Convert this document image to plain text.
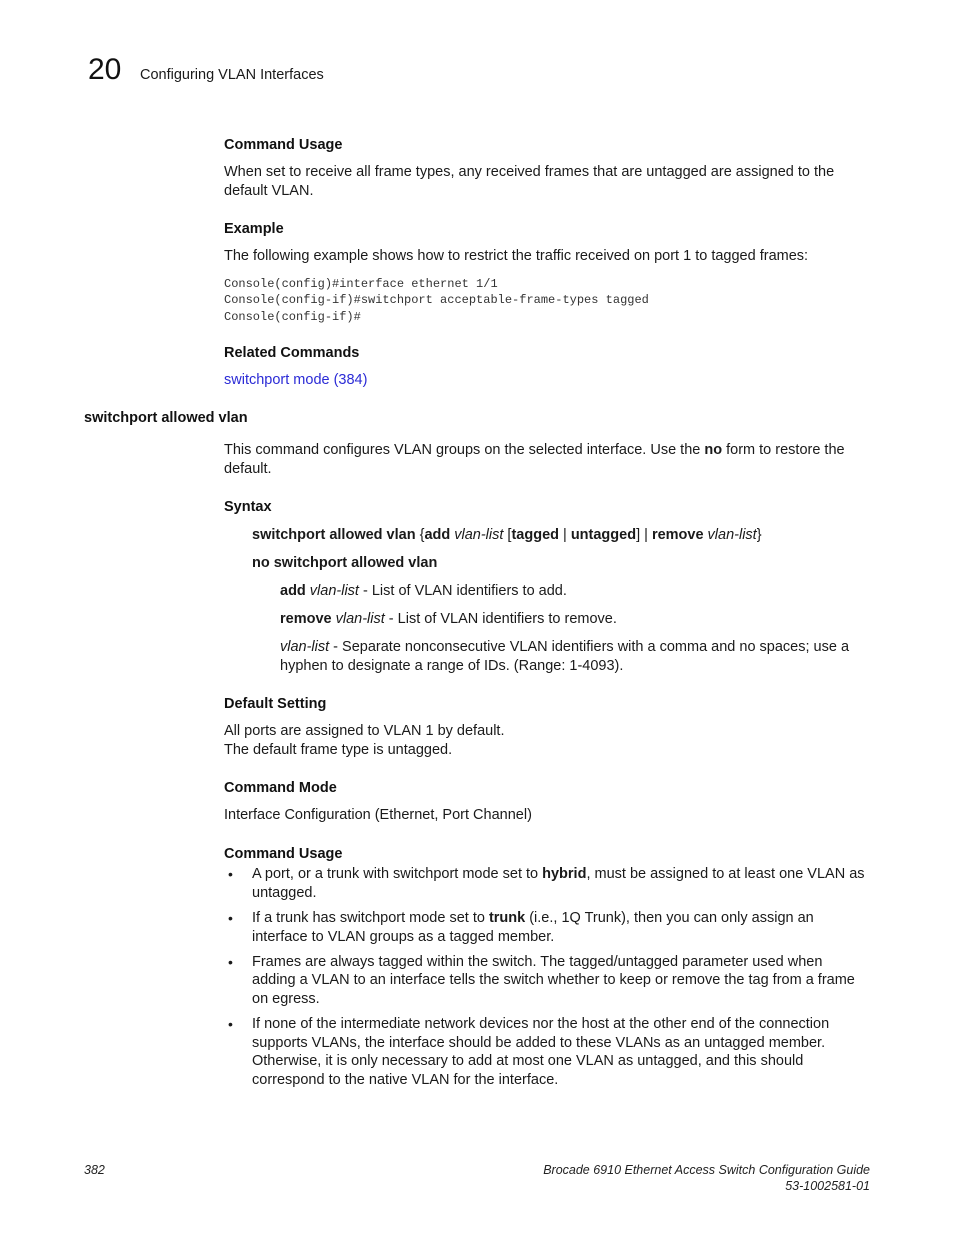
20 Configuring VLAN Interfaces
Command Usage
When set to receive all frame types, any received frames that are untagged are assigned to the
default VLAN.
Example
The following example shows how to restrict the traffic received on port 1 to tagged frames:
Console(config)#interface ethernet 1/1
Console(config-if)#switchport acceptable-frame-types tagged
Console(config-if)#
Related Commands
switchport mode (384)
switchport allowed vlan
This command configures VLAN groups on the selected interface. Use the no form to restore the
default.
Syntax
switchport allowed vlan {add vlan-list [tagged | untagged] | remove vlan-list}
no switchport allowed vlan
add vlan-list - List of VLAN identifiers to add.
remove vlan-list - List of VLAN identifiers to remove.
vlan-list - Separate nonconsecutive VLAN identifiers with a comma and no spaces; use a
hyphen to designate a range of IDs. (Range: 1-4093).
Default Setting
All ports are assigned to VLAN 1 by default.
The default frame type is untagged.
Command Mode
Interface Configuration (Ethernet, Port Channel)
Command Usage
• A port, or a trunk with switchport mode set to hybrid, must be assigned to at least one VLAN as
untagged.
• If a trunk has switchport mode set to trunk (i.e., 1Q Trunk), then you can only assign an
interface to VLAN groups as a tagged member.
• Frames are always tagged within the switch. The tagged/untagged parameter used when
adding a VLAN to an interface tells the switch whether to keep or remove the tag from a frame
on egress.
• If none of the intermediate network devices nor the host at the other end of the connection
supports VLANs, the interface should be added to these VLANs as an untagged member.
Otherwise, it is only necessary to add at most one VLAN as untagged, and this should
correspond to the native VLAN for the interface.
382	Brocade 6910 Ethernet Access Switch Configuration Guide
53-1002581-01
